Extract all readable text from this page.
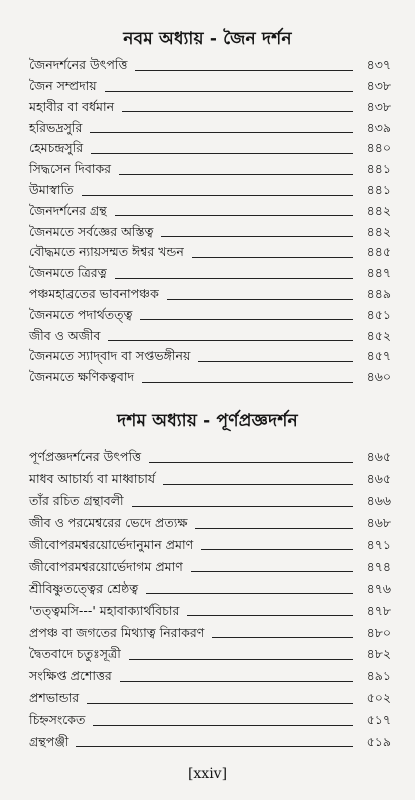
নবম অধ্যায় - জৈন দর্শন
জৈনদর্শনের উৎপত্তি	৪৩৭
জৈন সম্প্রদায়	৪৩৮
মহাবীর বা বর্ধমান	৪৩৮
হরিভদ্রসুরি	৪৩৯
হেমচন্দ্রসুরি	৪৪০
সিদ্ধসেন দিবাকর	৪৪১
উমাস্বাতি	৪৪১
জৈনদর্শনের গ্রন্থ	৪৪২
জৈনমতে সর্বজ্ঞের অস্তিত্ব	৪৪২
বৌদ্ধমতে ন্যায়সম্মত ঈশ্বর খন্ডন	৪৪৫
জৈনমতে ত্রিরত্ন	৪৪৭
পঞ্চমহাব্রতের ভাবনাপঞ্চক	৪৪৯
জৈনমতে পদার্থতত্ত্ব	৪৫১
জীব ও অজীব	৪৫২
জৈনমতে স্যাদ্‌বাদ বা সপ্তভঙ্গীনয়	৪৫৭
জৈনমতে ক্ষণিকত্ববাদ	৪৬০
দশম অধ্যায় - পূর্ণপ্রজ্ঞদর্শন
পূর্ণপ্রজ্ঞদর্শনের উৎপত্তি	৪৬৫
মাধব আচার্য্য বা মাধ্বাচার্য	৪৬৫
তাঁর রচিত গ্রন্থাবলী	৪৬৬
জীব ও পরমেশ্বরের ভেদে প্রত্যক্ষ	৪৬৮
জীবোপরমশ্বরয়োর্ভেদানুমান প্রমাণ	৪৭১
জীবোপরমশ্বরয়োর্ভেদাগম প্রমাণ	৪৭৪
শ্রীবিষ্ণুতত্ত্বের শ্রেষ্ঠত্ব	৪৭৬
'তত্ত্বমসি---' মহাবাক্যার্থবিচার	৪৭৮
প্রপঞ্চ বা জগতের মিথ্যাত্ব নিরাকরণ	৪৮০
দ্বৈতবাদে চতুঃসূত্রী	৪৮২
সংক্ষিপ্ত প্রশোত্তর	৪৯১
প্রশভান্ডার	৫০২
চিহ্নসংকেত	৫১৭
গ্রন্থপঞ্জী	৫১৯
[xxiv]
